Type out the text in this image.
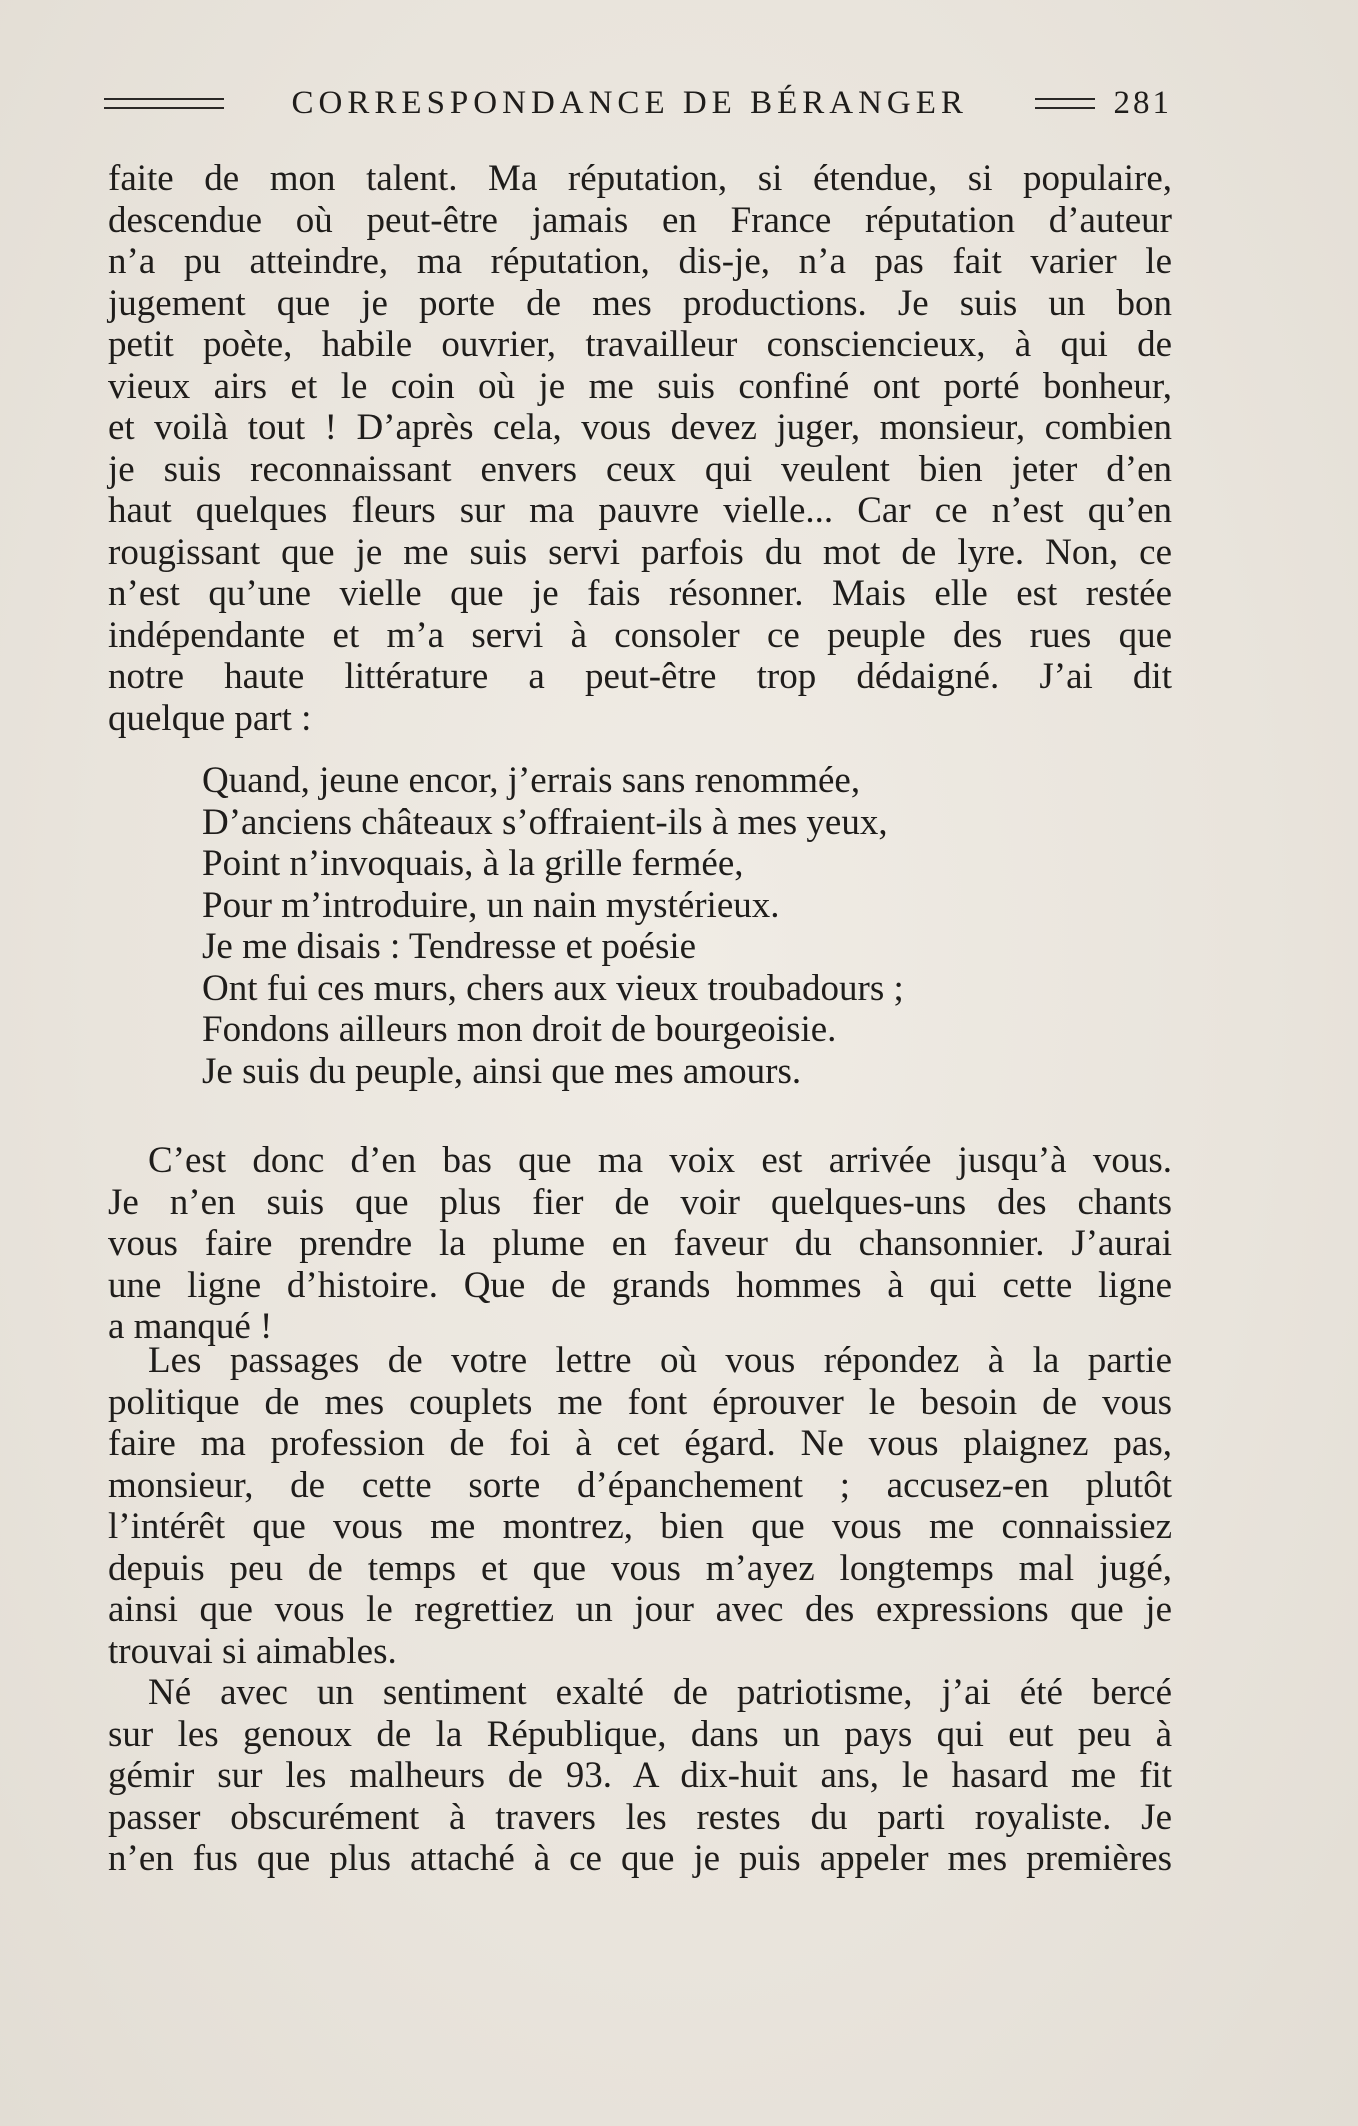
CORRESPONDANCE DE BÉRANGER	281
faite de mon talent. Ma réputation, si étendue, si populaire,
descendue où peut-être jamais en France réputation d’auteur
n’a pu atteindre, ma réputation, dis-je, n’a pas fait varier le
jugement que je porte de mes productions. Je suis un bon
petit poète, habile ouvrier, travailleur consciencieux, à qui de
vieux airs et le coin où je me suis confiné ont porté bonheur,
et voilà tout ! D’après cela, vous devez juger, monsieur, combien
je suis reconnaissant envers ceux qui veulent bien jeter d’en
haut quelques fleurs sur ma pauvre vielle... Car ce n’est qu’en
rougissant que je me suis servi parfois du mot de lyre. Non, ce
n’est qu’une vielle que je fais résonner. Mais elle est restée
indépendante et m’a servi à consoler ce peuple des rues que
notre haute littérature a peut-être trop dédaigné. J’ai dit
quelque part :
Quand, jeune encor, j’errais sans renommée,
D’anciens châteaux s’offraient-ils à mes yeux,
Point n’invoquais, à la grille fermée,
Pour m’introduire, un nain mystérieux.
Je me disais : Tendresse et poésie
Ont fui ces murs, chers aux vieux troubadours ;
Fondons ailleurs mon droit de bourgeoisie.
Je suis du peuple, ainsi que mes amours.
C’est donc d’en bas que ma voix est arrivée jusqu’à vous.
Je n’en suis que plus fier de voir quelques-uns des chants
vous faire prendre la plume en faveur du chansonnier. J’aurai
une ligne d’histoire. Que de grands hommes à qui cette ligne
a manqué !
Les passages de votre lettre où vous répondez à la partie
politique de mes couplets me font éprouver le besoin de vous
faire ma profession de foi à cet égard. Ne vous plaignez pas,
monsieur, de cette sorte d’épanchement ; accusez-en plutôt
l’intérêt que vous me montrez, bien que vous me connaissiez
depuis peu de temps et que vous m’ayez longtemps mal jugé,
ainsi que vous le regrettiez un jour avec des expressions que je
trouvai si aimables.
Né avec un sentiment exalté de patriotisme, j’ai été bercé
sur les genoux de la République, dans un pays qui eut peu à
gémir sur les malheurs de 93. A dix-huit ans, le hasard me fit
passer obscurément à travers les restes du parti royaliste. Je
n’en fus que plus attaché à ce que je puis appeler mes premières
